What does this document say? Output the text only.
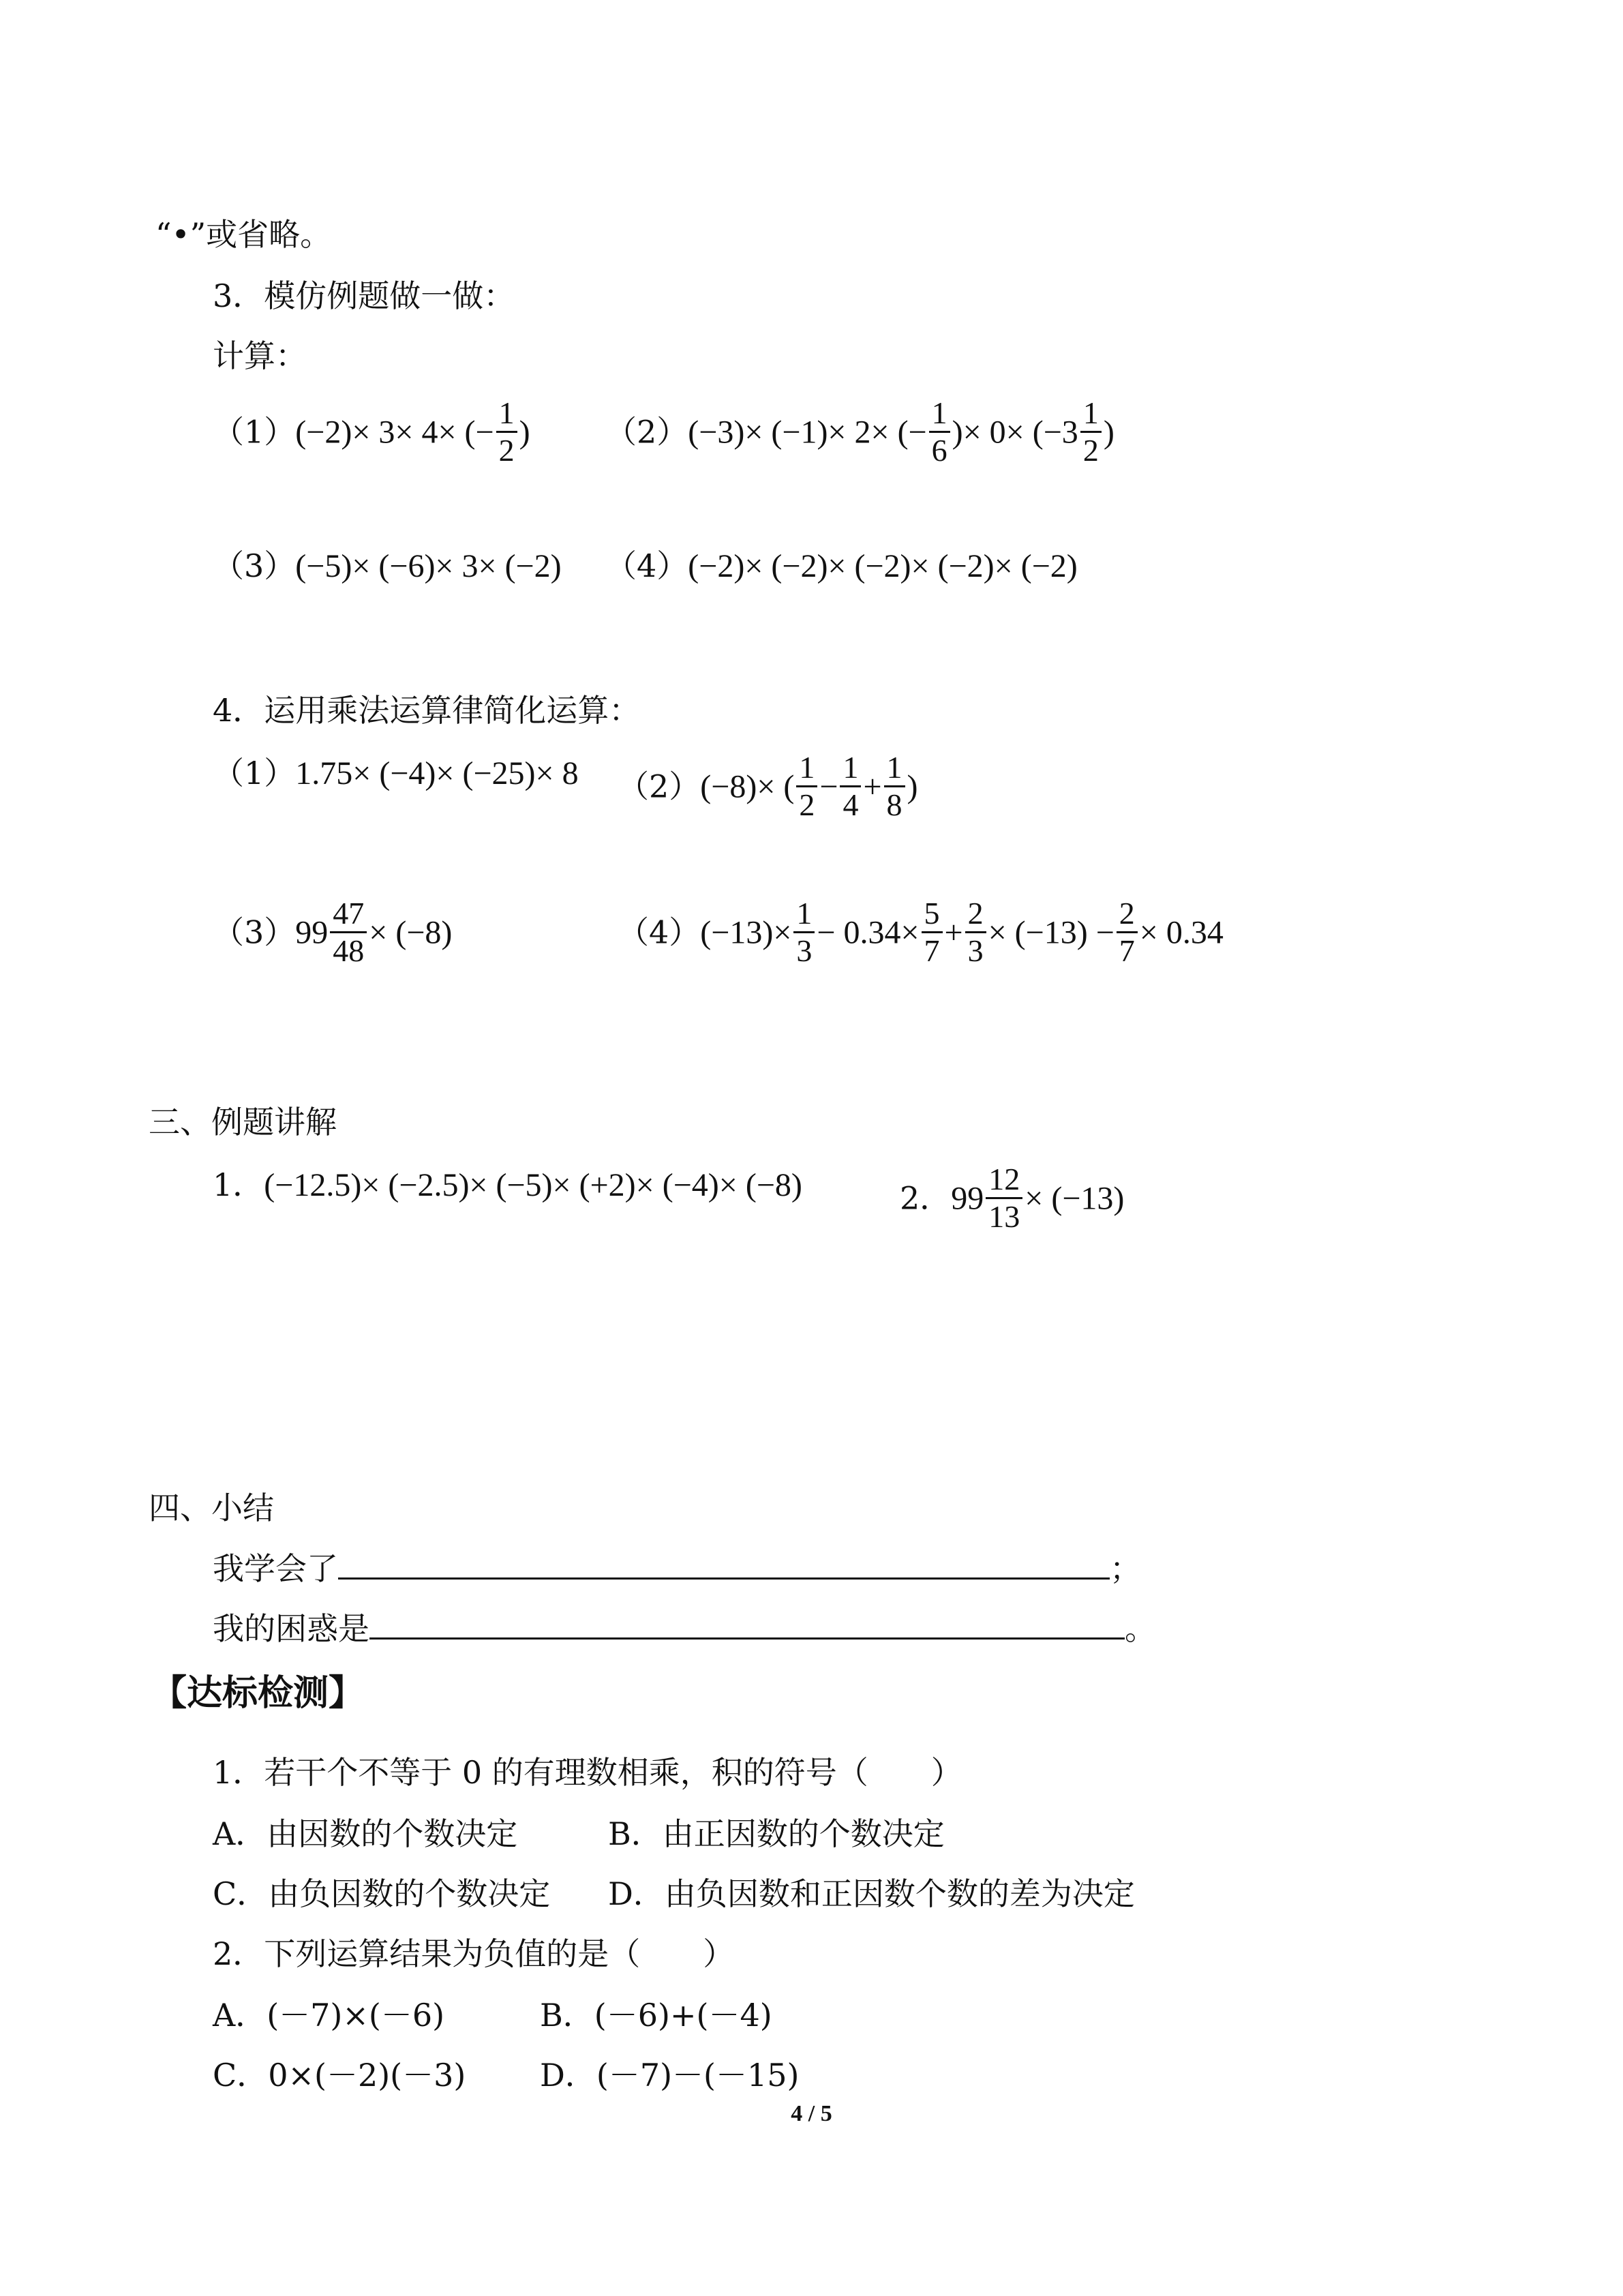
“•”或省略。
3．模仿例题做一做：
计算：
（1）(−2)× 3× 4× (− $\frac{1}{2}$ ) （2）(−3)× (−1)× 2× (− $\frac{1}{6}$ )× $0\times (-3 \frac{1}{2}$ )
（3）(−5)× (−6)× 3× (−2) （4）(−2)× (−2)× (−2)× (−2)× (−2)
4．运用乘法运算律简化运算：
（1）1.75× (−4)× (−25)× 8 （2）(−8)× ( $\frac{1}{2} - \frac{1}{4} + \frac{1}{8}$ )
$(3)99 \frac{47}{48} \times (-8)$	$(4)(-13)\times \frac{1}{3} - 0.34\times \frac{5}{7} + \frac{2}{3} \times (-13) - \frac{2}{7} \times 0.34$
三、例题讲解
1．(−12.5)× (−2.5)× (−5)× (+2)× (−4)× (−8)	2．$99 \frac{12}{13} \times (-13)$
四、小结
我学会了	；
我的困惑是	。
【达标检测】
1．若干个不等于 0 的有理数相乘，积的符号（　　）
A．由因数的个数决定	B．由正因数的个数决定
C．由负因数的个数决定 D．由负因数和正因数个数的差为决定
2．下列运算结果为负值的是（　　）
A．(－7)×(－6)	B．(－6)+(－4)
C．0×(－2)(－3) D．(－7)－(－15)
4 / 5
